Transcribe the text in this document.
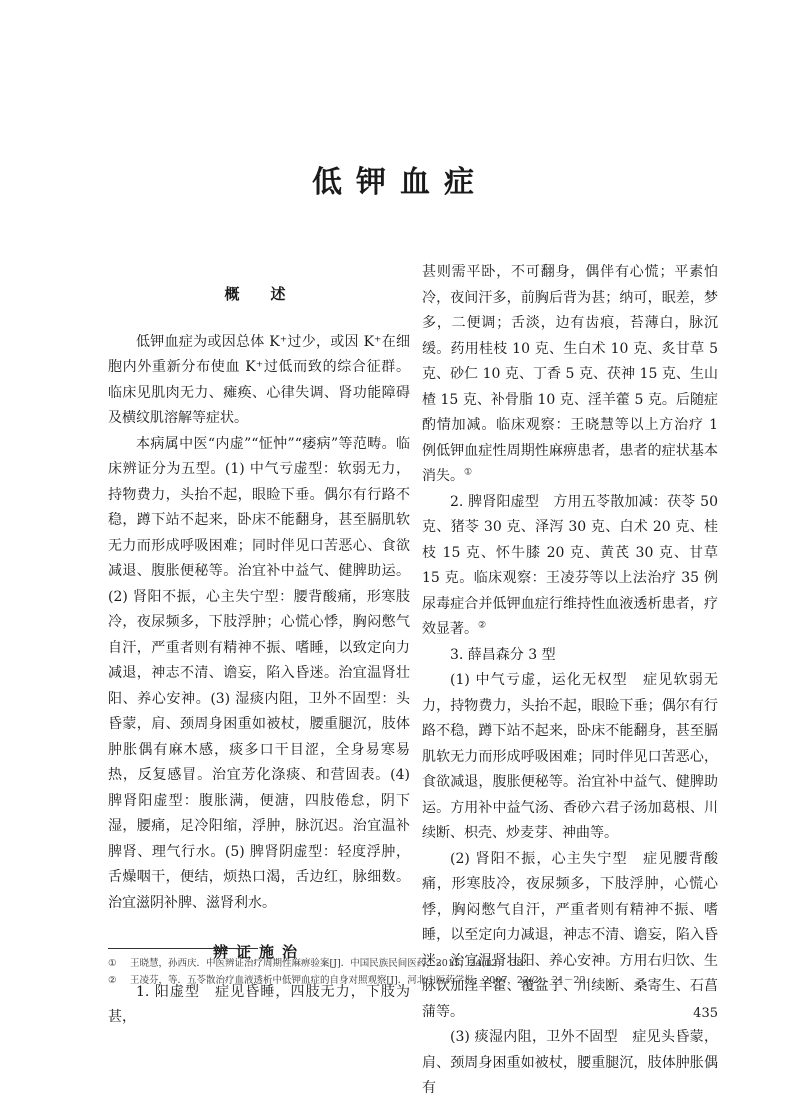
低钾血症
概　述

低钾血症为或因总体 K⁺过少，或因 K⁺在细胞内外重新分布使血 K⁺过低而致的综合征群。临床见肌肉无力、瘫痪、心律失调、肾功能障碍及横纹肌溶解等症状。

本病属中医“内虚”“怔忡”“痿病”等范畴。临床辨证分为五型。(1) 中气亏虚型：软弱无力，持物费力，头抬不起，眼睑下垂。偶尔有行路不稳，蹲下站不起来，卧床不能翻身，甚至膈肌软无力而形成呼吸困难；同时伴见口苦恶心、食欲减退、腹胀便秘等。治宜补中益气、健脾助运。(2) 肾阳不振，心主失宁型：腰背酸痛，形寒肢冷，夜尿频多，下肢浮肿；心慌心悸，胸闷憋气自汗，严重者则有精神不振、嗜睡，以致定向力减退，神志不清、谵妄，陷入昏迷。治宜温肾壮阳、养心安神。(3) 湿痰内阻，卫外不固型：头昏蒙，肩、颈周身困重如被杖，腰重腿沉，肢体肿胀偶有麻木感，痰多口干目涩，全身易寒易热，反复感冒。治宜芳化涤痰、和营固表。(4) 脾肾阳虚型：腹胀满，便溏，四肢倦怠，阴下湿，腰痛，足冷阳缩，浮肿，脉沉迟。治宜温补脾肾、理气行水。(5) 脾肾阴虚型：轻度浮肿，舌燥咽干，便结，烦热口渴，舌边红，脉细数。治宜滋阴补脾、滋肾利水。

辨证施治

1. 阳虚型　症见昏睡，四肢无力，下肢为甚，

甚则需平卧，不可翻身，偶伴有心慌；平素怕冷，夜间汗多，前胸后背为甚；纳可，眠差，梦多，二便调；舌淡，边有齿痕，苔薄白，脉沉缓。药用桂枝 10 克、生白术 10 克、炙甘草 5 克、砂仁 10 克、丁香 5 克、茯神 15 克、生山楂 15 克、补骨脂 10 克、淫羊藿 5 克。后随症酌情加减。临床观察：王晓慧等以上方治疗 1 例低钾血症性周期性麻痹患者，患者的症状基本消失。①

2. 脾肾阳虚型　方用五苓散加减：茯苓 50 克、猪苓 30 克、泽泻 30 克、白术 20 克、桂枝 15 克、怀牛膝 20 克、黄芪 30 克、甘草 15 克。临床观察：王凌芬等以上法治疗 35 例尿毒症合并低钾血症行维持性血液透析患者，疗效显著。②

3. 薛昌森分 3 型

(1) 中气亏虚，运化无权型　症见软弱无力，持物费力，头抬不起，眼睑下垂；偶尔有行路不稳，蹲下站不起来，卧床不能翻身，甚至膈肌软无力而形成呼吸困难；同时伴见口苦恶心，食欲减退，腹胀便秘等。治宜补中益气、健脾助运。方用补中益气汤、香砂六君子汤加葛根、川续断、枳壳、炒麦芽、神曲等。

(2) 肾阳不振，心主失宁型　症见腰背酸痛，形寒肢冷，夜尿频多，下肢浮肿，心慌心悸，胸闷憋气自汗，严重者则有精神不振、嗜睡，以至定向力减退，神志不清、谵妄，陷入昏迷。治宜温肾壮阳、养心安神。方用右归饮、生脉饮加淫羊藿、覆盆子、川续断、桑寄生、石菖蒲等。

(3) 痰湿内阻，卫外不固型　症见头昏蒙，肩、颈周身困重如被杖，腰重腿沉，肢体肿胀偶有

①	王晓慧，孙西庆．中医辨证治疗周期性麻痹验案[J]．中国民族民间医药，2015，24(12)：38.
②	王凌芬，等．五苓散治疗血液透析中低钾血症的自身对照观察[J]．河北中医药学报，2007，22(2)：21－22.
435
